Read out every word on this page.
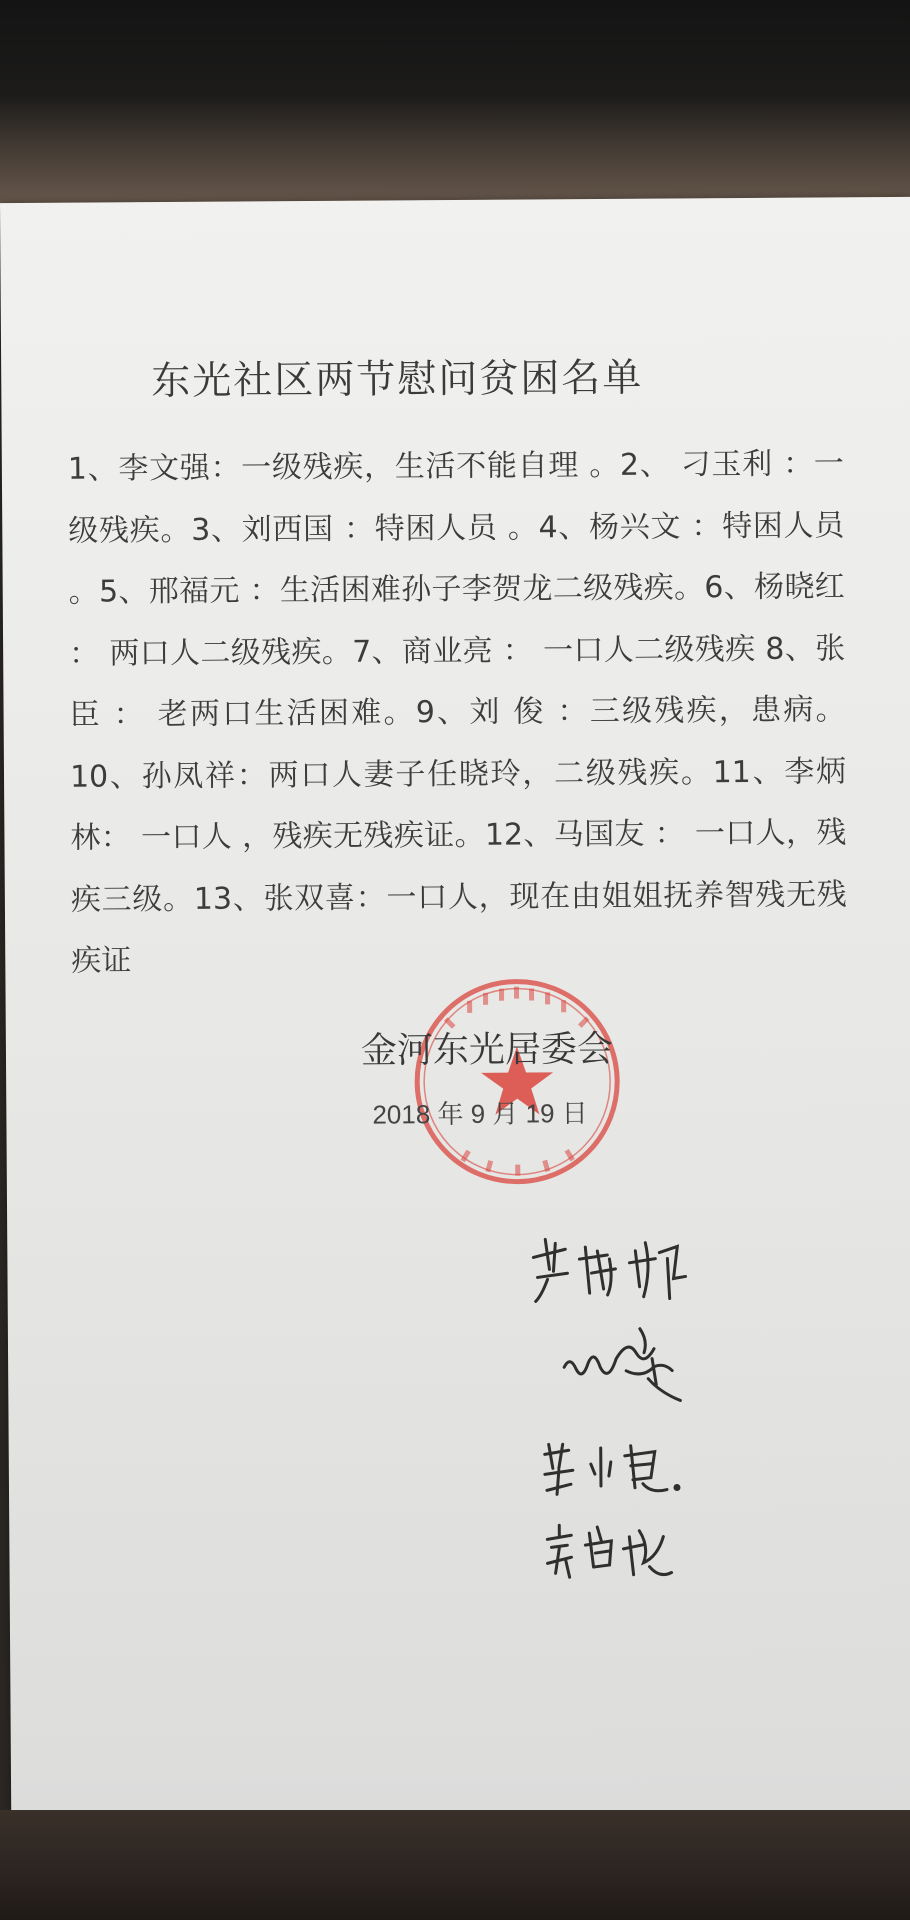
东光社区两节慰问贫困名单
1、李文强：一级残疾，生活不能自理 。2、 刁玉利 ：一级残疾。3、刘西国 ：特困人员 。4、杨兴文 ：特困人员 。5、邢福元 ：生活困难孙子李贺龙二级残疾。6、杨晓红 ： 两口人二级残疾。7、商业亮 ： 一口人二级残疾 8、张臣 ： 老两口生活困难。9、刘 俊 ：三级残疾，患病。10、孙凤祥：两口人妻子任晓玲，二级残疾。11、李炳林： 一口人 ，残疾无残疾证。12、马国友 ： 一口人，残疾三级。13、张双喜：一口人，现在由姐姐抚养智残无残疾证
金河东光居委会
2018 年 9 月 19 日
